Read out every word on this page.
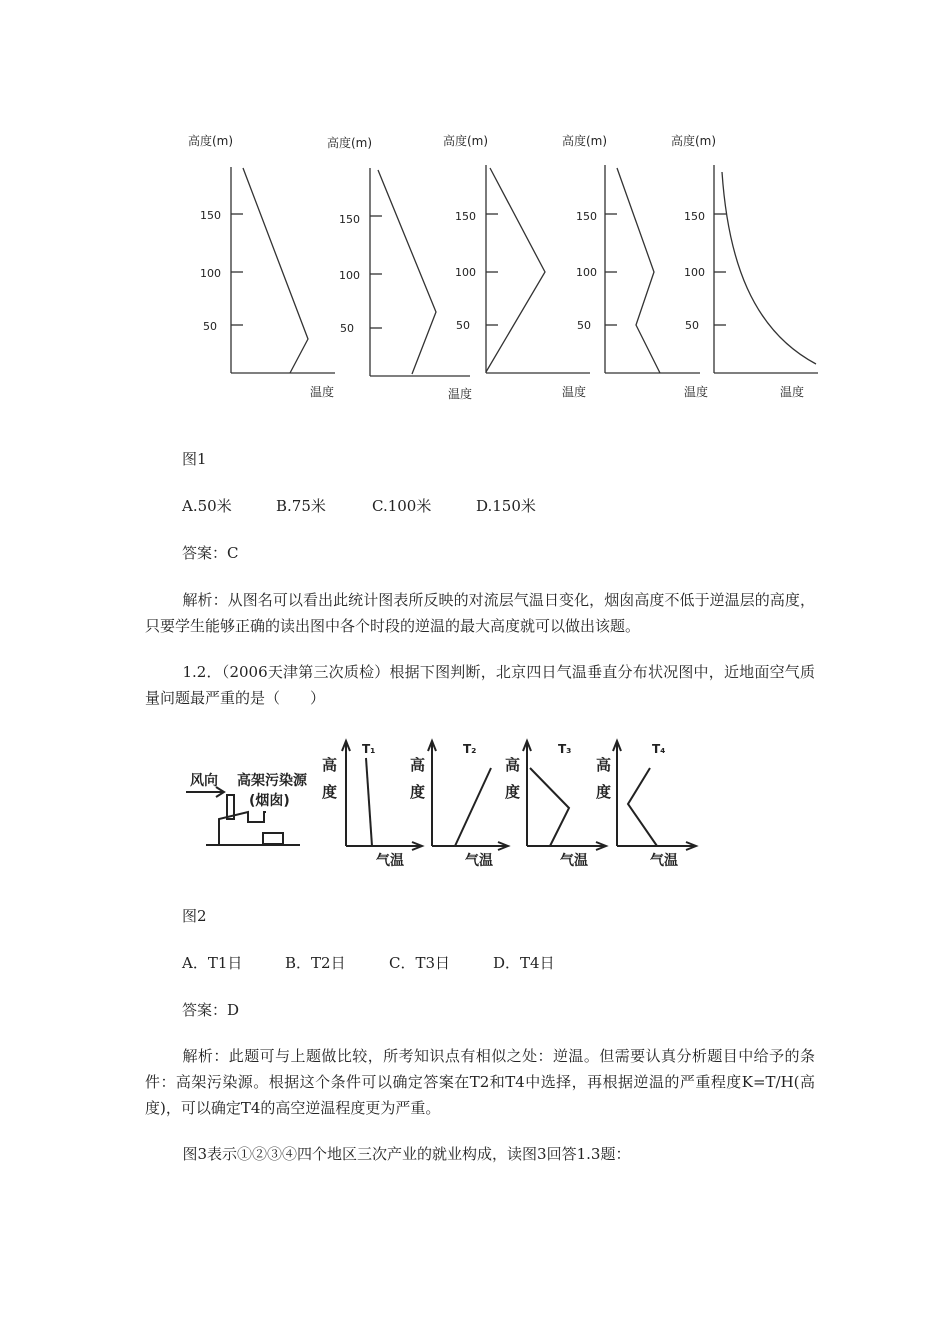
高度(m)
150
100
50
温度
高度(m)
150
100
50
温度
高度(m)
150
100
50
温度
高度(m)
150
100
50
温度
高度(m)
150
100
50
温度
图1
A.50米	B.75米	C.100米	D.150米
答案：C
解析：从图名可以看出此统计图表所反映的对流层气温日变化，烟囱高度不低于逆温层的高度，只要学生能够正确的读出图中各个时段的逆温的最大高度就可以做出该题。
1.2．（2006天津第三次质检）根据下图判断，北京四日气温垂直分布状况图中，近地面空气质量问题最严重的是（　　）
风向 高架污染源
(烟囱)
T₁
高
度
气温
T₂
高
度
气温
T₃
高
度
气温
T₄
高
度
气温
图2
A．T1日	B．T2日	C．T3日	D．T4日
答案：D
解析：此题可与上题做比较，所考知识点有相似之处：逆温。但需要认真分析题目中给予的条件：高架污染源。根据这个条件可以确定答案在T2和T4中选择，再根据逆温的严重程度K=T/H(高度)，可以确定T4的高空逆温程度更为严重。
图3表示①②③④四个地区三次产业的就业构成，读图3回答1.3题：
